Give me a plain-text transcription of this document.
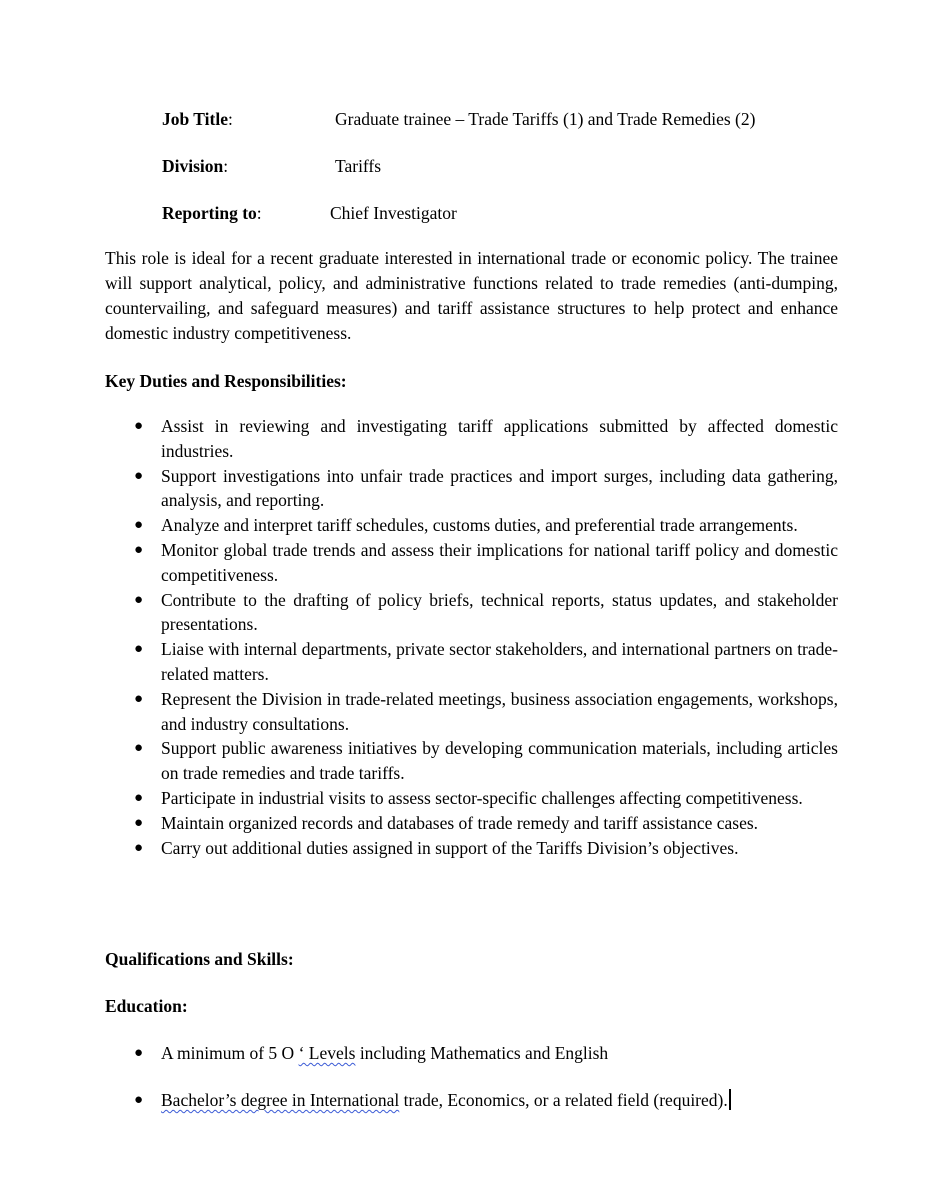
Job Title:	Graduate trainee – Trade Tariffs (1) and Trade Remedies (2)
Division:	Tariffs
Reporting to:	Chief Investigator

This role is ideal for a recent graduate interested in international trade or economic policy. The trainee will support analytical, policy, and administrative functions related to trade remedies (anti-dumping, countervailing, and safeguard measures) and tariff assistance structures to help protect and enhance domestic industry competitiveness.

Key Duties and Responsibilities:

● Assist in reviewing and investigating tariff applications submitted by affected domestic industries.
● Support investigations into unfair trade practices and import surges, including data gathering, analysis, and reporting.
● Analyze and interpret tariff schedules, customs duties, and preferential trade arrangements.
● Monitor global trade trends and assess their implications for national tariff policy and domestic competitiveness.
● Contribute to the drafting of policy briefs, technical reports, status updates, and stakeholder presentations.
● Liaise with internal departments, private sector stakeholders, and international partners on trade-related matters.
● Represent the Division in trade-related meetings, business association engagements, workshops, and industry consultations.
● Support public awareness initiatives by developing communication materials, including articles on trade remedies and trade tariffs.
● Participate in industrial visits to assess sector-specific challenges affecting competitiveness.
● Maintain organized records and databases of trade remedy and tariff assistance cases.
● Carry out additional duties assigned in support of the Tariffs Division’s objectives.

Qualifications and Skills:

Education:

● A minimum of 5 O ‘ Levels including Mathematics and English
● Bachelor’s degree in International trade, Economics, or a related field (required).
